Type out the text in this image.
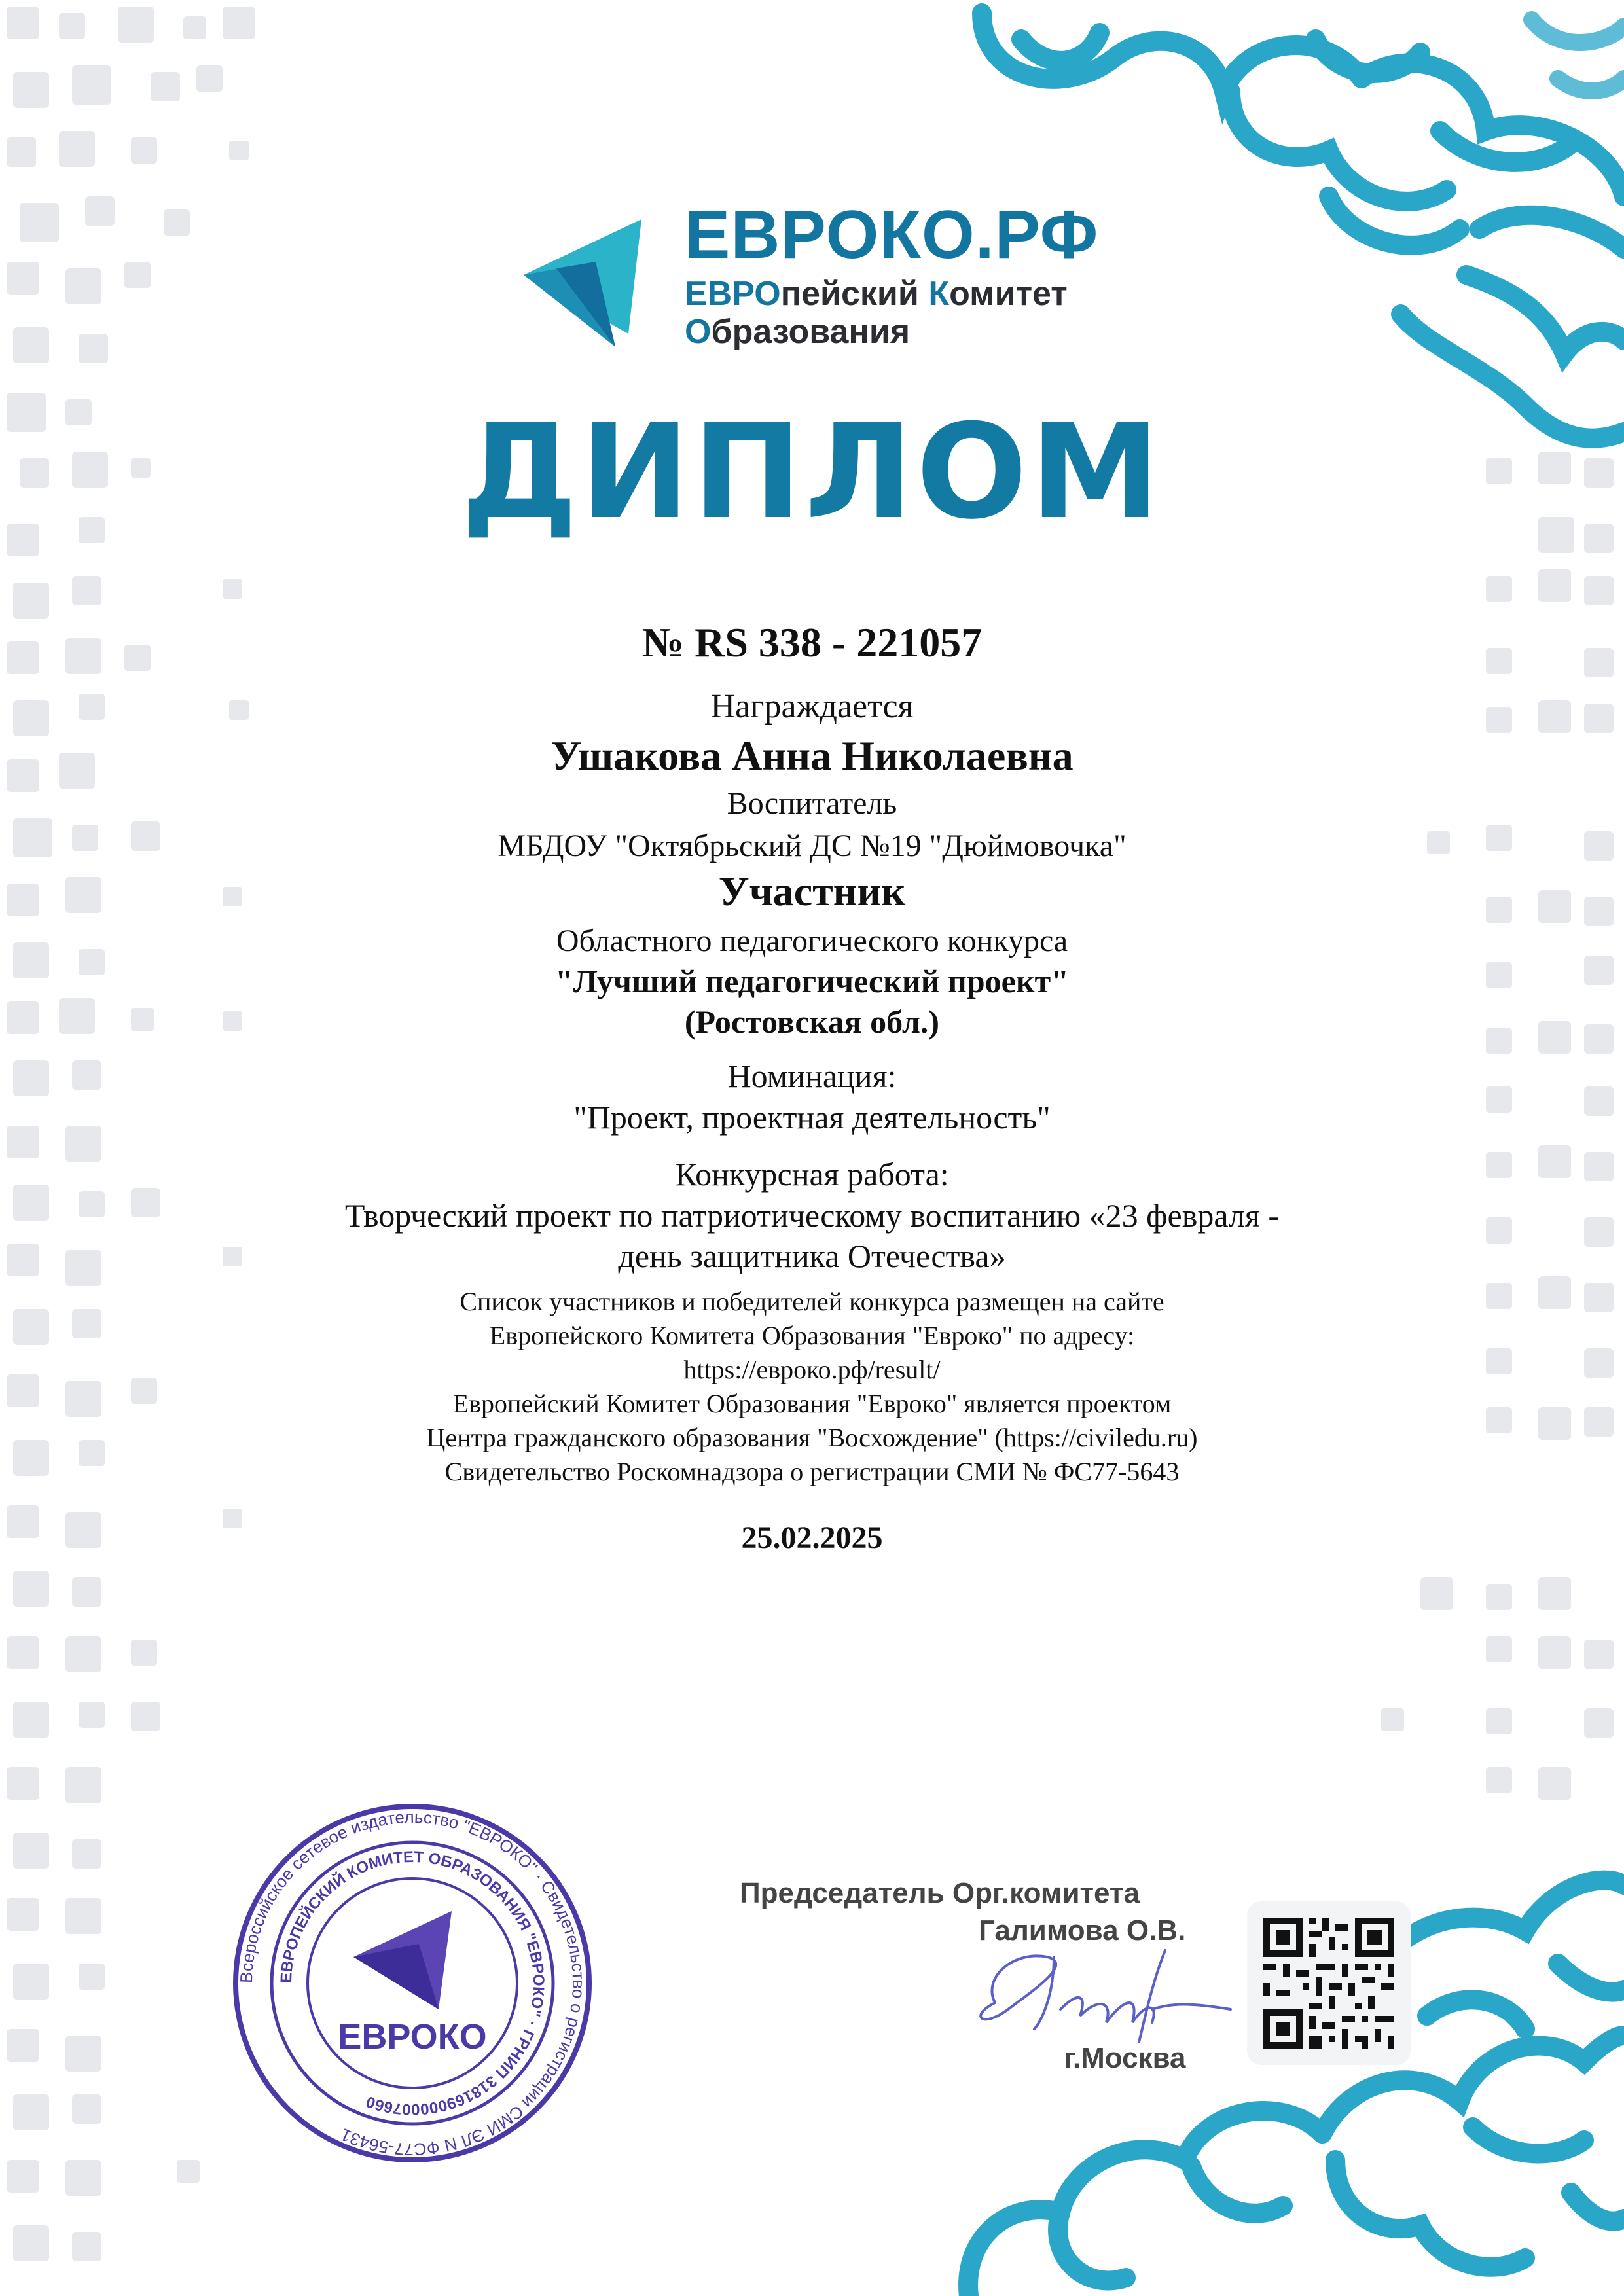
ЕВРОКО.РФ
ЕВРОпейский Комитет
Образования
ДИПЛОМ
№ RS 338 - 221057
Награждается
Ушакова Анна Николаевна
Воспитатель
МБДОУ "Октябрьский ДС №19 "Дюймовочка"
Участник
Областного педагогического конкурса
"Лучший педагогический проект"
(Ростовская обл.)
Номинация:
"Проект, проектная деятельность"
Конкурсная работа:
Творческий проект по патриотическому воспитанию «23 февраля -
день защитника Отечества»
Список участников и победителей конкурса размещен на сайте
Европейского Комитета Образования "Евроко" по адресу:
https://евроко.рф/result/
Европейский Комитет Образования "Евроко" является проектом
Центра гражданского образования "Восхождение" (https://civiledu.ru)
Свидетельство Роскомнадзора о регистрации СМИ № ФС77-5643
25.02.2025
Всероссийское сетевое издательство "ЕВРОКО" · Свидетельство о регистрации СМИ ЭЛ N ФС77-56431
ЕВРОПЕЙСКИЙ КОМИТЕТ ОБРАЗОВАНИЯ "ЕВРОКО" · ГРНИП 318169000007660
ЕВРОКО
Председатель Орг.комитета
Галимова О.В.
г.Москва
